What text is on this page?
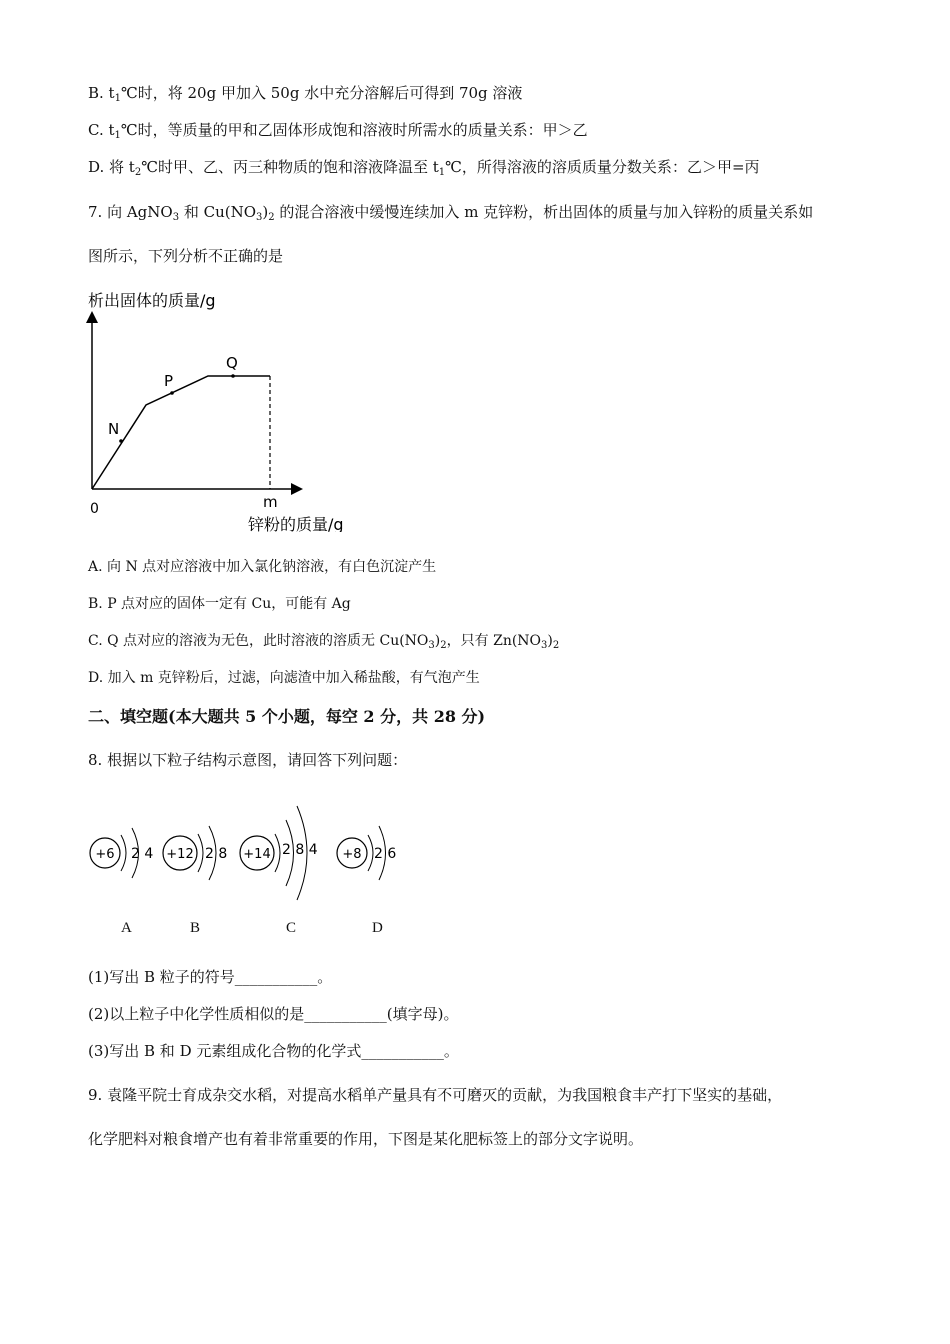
B. $t_1℃$时，将 20g 甲加入 50g 水中充分溶解后可得到 70g 溶液
C. $t_1℃$时，等质量的甲和乙固体形成饱和溶液时所需水的质量关系：甲＞乙
D. 将 $t_2℃$时甲、乙、丙三种物质的饱和溶液降温至 $t_1℃$，所得溶液的溶质质量分数关系：乙＞甲=丙
7. 向 AgNO$_3$ 和 $Cu(NO_3)_2$ 的混合溶液中缓慢连续加入 m 克锌粉，析出固体的质量与加入锌粉的质量关系如
图所示，下列分析不正确的是
析出固体的质量/g
N
P
Q
0	m
锌粉的质量/g
A. 向 N 点对应溶液中加入氯化钠溶液，有白色沉淀产生
B. P 点对应的固体一定有 Cu，可能有 Ag
C. Q 点对应的溶液为无色，此时溶液的溶质无 $Cu(NO_3)_2$，只有 $Zn(NO_3)_2$
D. 加入 m 克锌粉后，过滤，向滤渣中加入稀盐酸，有气泡产生
二、填空题(本大题共 5 个小题，每空 2 分，共 28 分)
8. 根据以下粒子结构示意图，请回答下列问题：
+6 2 4 +12 2 8 +14 2 8 4 +8 2 6
A	B	C	D
(1)写出 B 粒子的符号___________。
(2)以上粒子中化学性质相似的是___________(填字母)。
(3)写出 B 和 D 元素组成化合物的化学式___________。
9. 袁隆平院士育成杂交水稻，对提高水稻单产量具有不可磨灭的贡献，为我国粮食丰产打下坚实的基础，
化学肥料对粮食增产也有着非常重要的作用，下图是某化肥标签上的部分文字说明。
